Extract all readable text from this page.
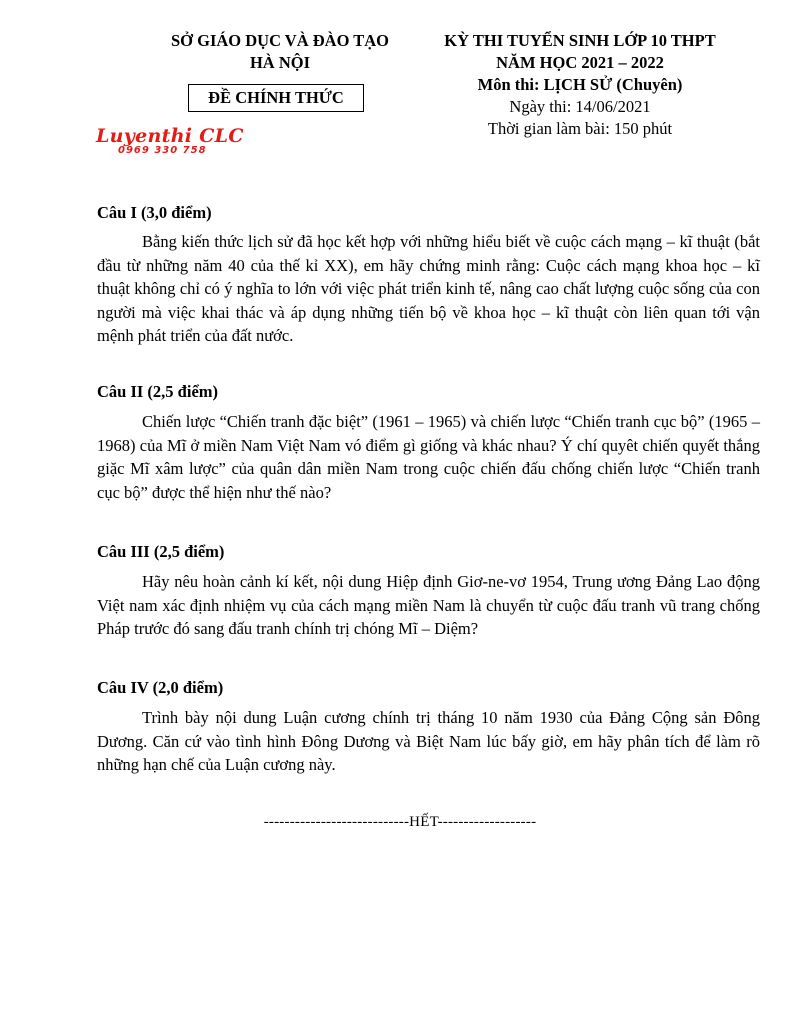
SỞ GIÁO DỤC VÀ ĐÀO TẠO
HÀ NỘI
ĐỀ CHÍNH THỨC
KỲ THI TUYỂN SINH LỚP 10 THPT
NĂM HỌC 2021 – 2022
Môn thi: LỊCH SỬ (Chuyên)
Ngày thi: 14/06/2021
Thời gian làm bài: 150 phút
Luyenthi CLC
0969 330 758
Câu I (3,0 điểm)
Bằng kiến thức lịch sử đã học kết hợp với những hiểu biết về cuộc cách mạng – kĩ thuật (bắt đầu từ những năm 40 của thế kỉ XX), em hãy chứng minh rằng: Cuộc cách mạng khoa học – kĩ thuật không chỉ có ý nghĩa to lớn với việc phát triển kinh tế, nâng cao chất lượng cuộc sống của con người mà việc khai thác và áp dụng những tiến bộ về khoa học – kĩ thuật còn liên quan tới vận mệnh phát triển của đất nước.
Câu II (2,5 điểm)
Chiến lược “Chiến tranh đặc biệt” (1961 – 1965) và chiến lược “Chiến tranh cục bộ” (1965 – 1968) của Mĩ ở miền Nam Việt Nam vó điểm gì giống và khác nhau? Ý chí quyêt chiến quyết thắng giặc Mĩ xâm lược” của quân dân miền Nam trong cuộc chiến đấu chống chiến lược “Chiến tranh cục bộ” được thể hiện như thế nào?
Câu III (2,5 điểm)
Hãy nêu hoàn cảnh kí kết, nội dung Hiệp định Giơ-ne-vơ 1954, Trung ương Đảng Lao động Việt nam xác định nhiệm vụ của cách mạng miền Nam là chuyển từ cuộc đấu tranh vũ trang chống Pháp trước đó sang đấu tranh chính trị chóng Mĩ – Diệm?
Câu IV (2,0 điểm)
Trình bày nội dung Luận cương chính trị tháng 10 năm 1930 của Đảng Cộng sản Đông Dương. Căn cứ vào tình hình Đông Dương và Biệt Nam lúc bấy giờ, em hãy phân tích để làm rõ những hạn chế của Luận cương này.
----------------------------HẾT-------------------
